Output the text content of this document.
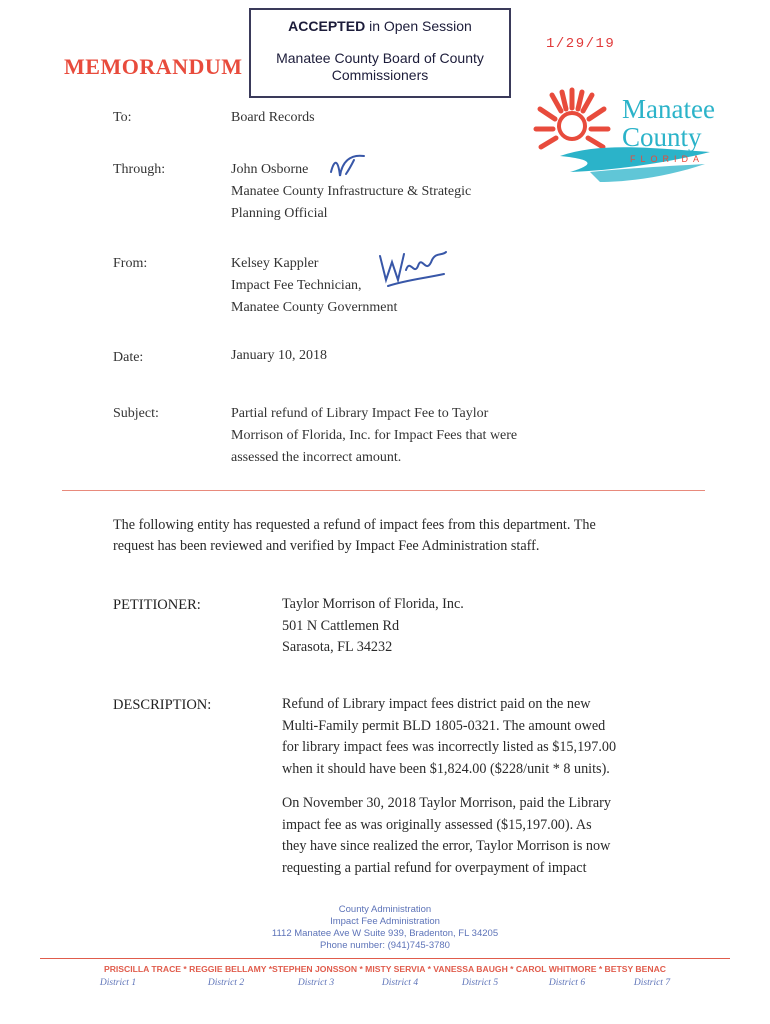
ACCEPTED in Open Session
Manatee County Board of County Commissioners
1/29/19
MEMORANDUM
Manatee
County
FLORIDA
To:	Board Records
Through:	John Osborne
Manatee County Infrastructure & Strategic
Planning Official
From:	Kelsey Kappler
Impact Fee Technician,
Manatee County Government
Date:	January 10, 2018
Subject:	Partial refund of Library Impact Fee to Taylor
Morrison of Florida, Inc. for Impact Fees that were
assessed the incorrect amount.
The following entity has requested a refund of impact fees from this department. The
request has been reviewed and verified by Impact Fee Administration staff.
PETITIONER:	Taylor Morrison of Florida, Inc.
501 N Cattlemen Rd
Sarasota, FL 34232
DESCRIPTION:	Refund of Library impact fees district paid on the new
Multi-Family permit BLD 1805-0321. The amount owed
for library impact fees was incorrectly listed as $15,197.00
when it should have been $1,824.00 ($228/unit * 8 units).
On November 30, 2018 Taylor Morrison, paid the Library
impact fee as was originally assessed ($15,197.00). As
they have since realized the error, Taylor Morrison is now
requesting a partial refund for overpayment of impact
County Administration
Impact Fee Administration
1112 Manatee Ave W Suite 939, Bradenton, FL 34205
Phone number: (941)745-3780
PRISCILLA TRACE * REGGIE BELLAMY *STEPHEN JONSSON * MISTY SERVIA * VANESSA BAUGH * CAROL WHITMORE * BETSY BENAC
District 1	District 2	District 3	District 4	District 5	District 6	District 7
